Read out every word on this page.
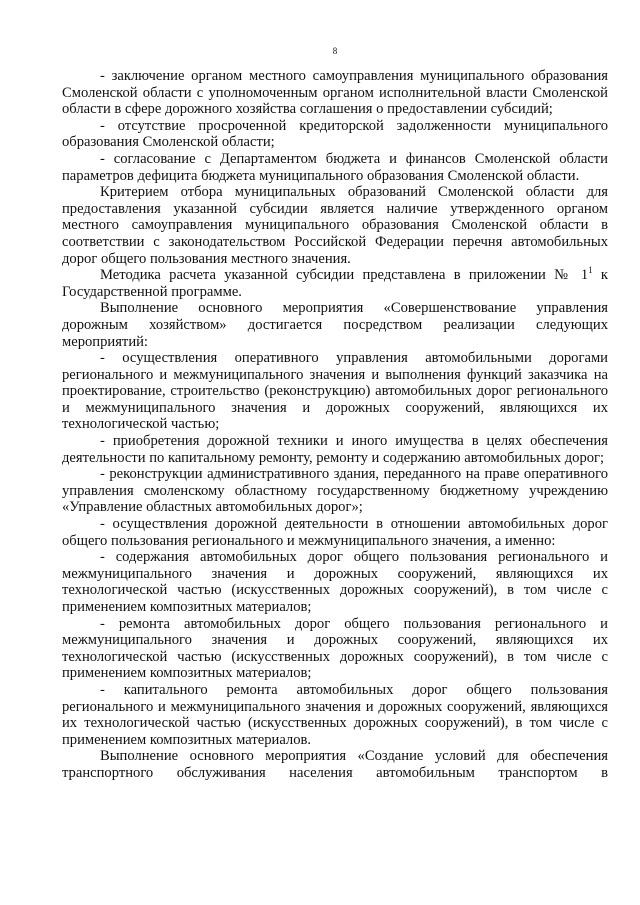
8

- заключение органом местного самоуправления муниципального образования Смоленской области с уполномоченным органом исполнительной власти Смоленской области в сфере дорожного хозяйства соглашения о предоставлении субсидий;

- отсутствие просроченной кредиторской задолженности муниципального образования Смоленской области;

- согласование с Департаментом бюджета и финансов Смоленской области параметров дефицита бюджета муниципального образования Смоленской области.

Критерием отбора муниципальных образований Смоленской области для предоставления указанной субсидии является наличие утвержденного органом местного самоуправления муниципального образования Смоленской области в соответствии с законодательством Российской Федерации перечня автомобильных дорог общего пользования местного значения.

Методика расчета указанной субсидии представлена в приложении № $1^1$ к Государственной программе.

Выполнение основного мероприятия «Совершенствование управления дорожным хозяйством» достигается посредством реализации следующих мероприятий:

- осуществления оперативного управления автомобильными дорогами регионального и межмуниципального значения и выполнения функций заказчика на проектирование, строительство (реконструкцию) автомобильных дорог регионального и межмуниципального значения и дорожных сооружений, являющихся их технологической частью;

- приобретения дорожной техники и иного имущества в целях обеспечения деятельности по капитальному ремонту, ремонту и содержанию автомобильных дорог;

- реконструкции административного здания, переданного на праве оперативного управления смоленскому областному государственному бюджетному учреждению «Управление областных автомобильных дорог»;

- осуществления дорожной деятельности в отношении автомобильных дорог общего пользования регионального и межмуниципального значения, а именно:

- содержания автомобильных дорог общего пользования регионального и межмуниципального значения и дорожных сооружений, являющихся их технологической частью (искусственных дорожных сооружений), в том числе с применением композитных материалов;

- ремонта автомобильных дорог общего пользования регионального и межмуниципального значения и дорожных сооружений, являющихся их технологической частью (искусственных дорожных сооружений), в том числе с применением композитных материалов;

- капитального ремонта автомобильных дорог общего пользования регионального и межмуниципального значения и дорожных сооружений, являющихся их технологической частью (искусственных дорожных сооружений), в том числе с применением композитных материалов.

Выполнение основного мероприятия «Создание условий для обеспечения транспортного обслуживания населения автомобильным транспортом в
